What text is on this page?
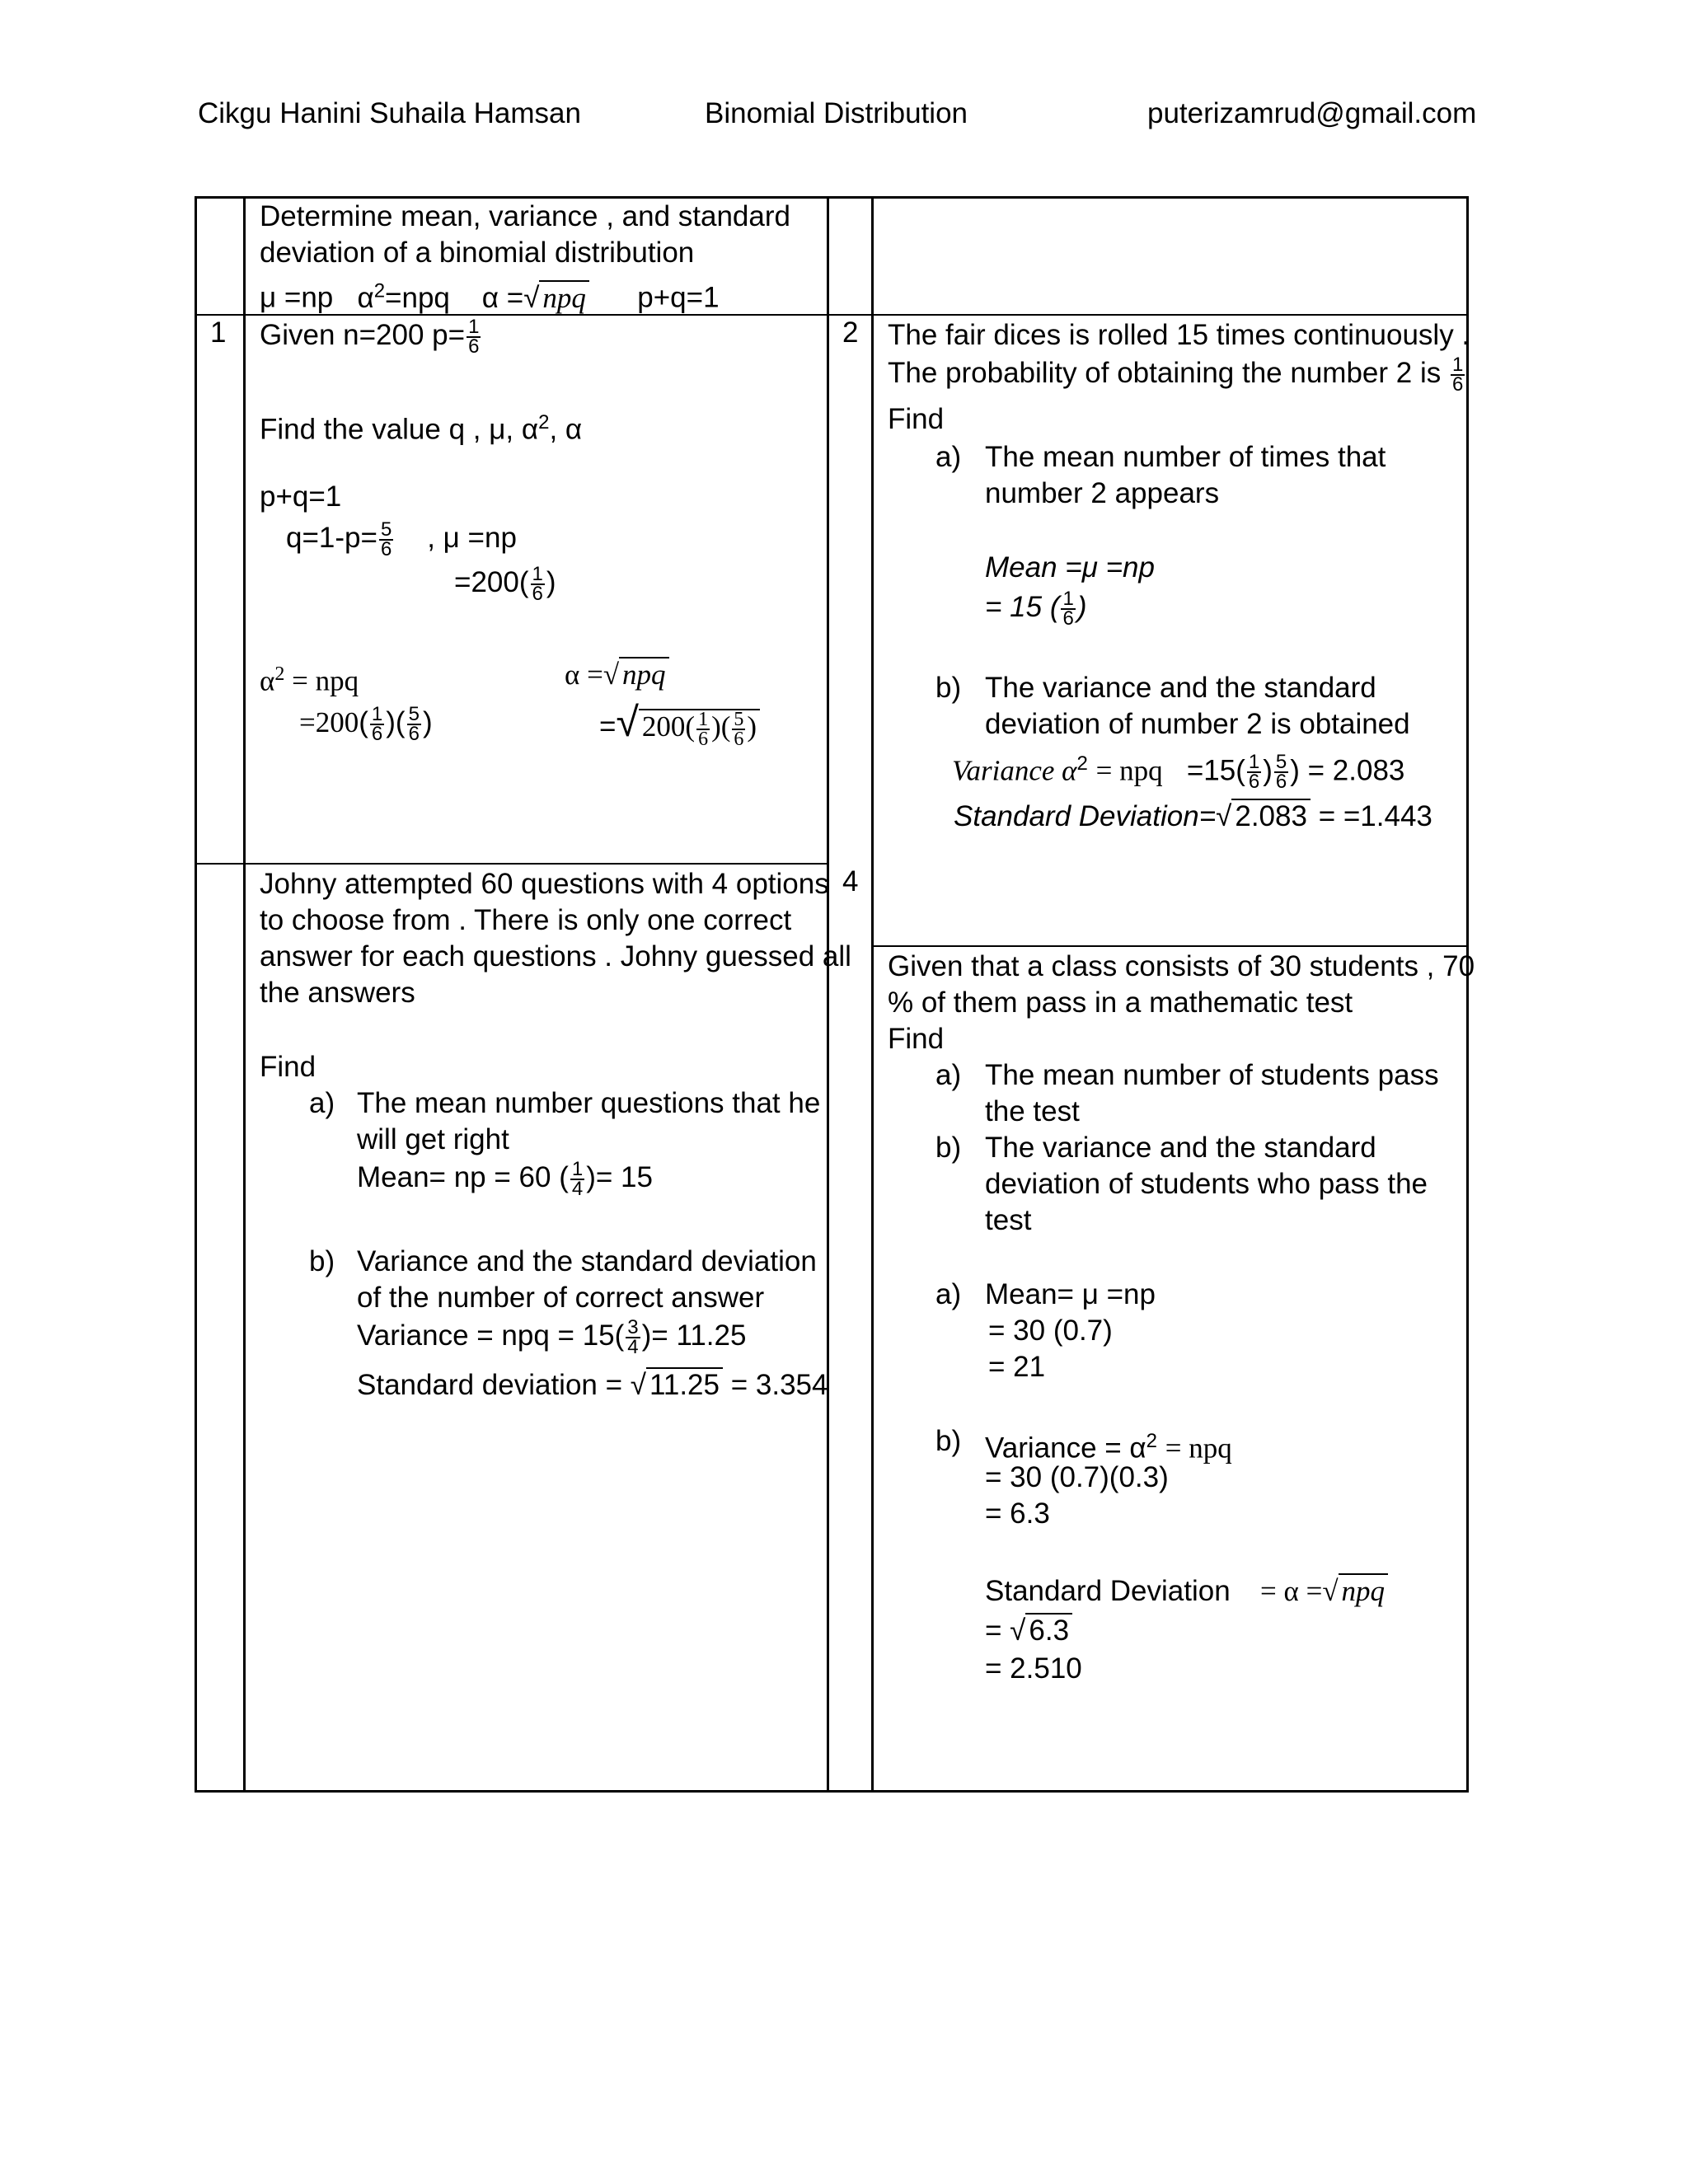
Cikgu Hanini Suhaila Hamsan	Binomial Distribution	puterizamrud@gmail.com
Determine mean, variance , and standard
deviation of a binomial distribution
μ =np $\alpha^2=npq$ α =√ npq p+q=1
1 Given n=200 $p= \frac{1}{6}$
Find the value q , μ, $\alpha^2$, α
p+q=1
$q=1-p= \frac{5}{6}$ , μ =np
$=200( \frac{1}{6}$ )
$\alpha^2$ = npq	α =√ npq
$=200( \frac{1}{6}$ )( $\frac{5}{6}$ )	=√ $200( \frac{1}{6}$ )( $\frac{5}{6}$ )
2 The fair dices is rolled 15 times continuously .
The probability of obtaining the number 2 is $\frac{1}{6}$
Find
a) The mean number of times that
number 2 appears
Mean =μ =np
= 15 ( $\frac{1}{6}$ )
b) The variance and the standard
deviation of number 2 is obtained
Variance $\alpha^2$ = npq $=15( \frac{1}{6}$ ) $\frac{5}{6}$ ) = 2.083
Standard Deviation=√ 2.083 = =1.443
Johny attempted 60 questions with 4 options
to choose from . There is only one correct
answer for each questions . Johny guessed all
the answers
Find
a) The mean number questions that he
will get right
Mean= np = 60 ( $\frac{1}{4}$ )= 15
b) Variance and the standard deviation
of the number of correct answer
Variance = npq = $15( \frac{3}{4}$ )= 11.25
Standard deviation = √ 11.25 = 3.354
4
Given that a class consists of 30 students , 70
% of them pass in a mathematic test
Find
a) The mean number of students pass
the test
b) The variance and the standard
deviation of students who pass the
test
a) Mean= μ =np
= 30 (0.7)
= 21
b) Variance = $\alpha^2$ = npq
= 30 (0.7)(0.3)
= 6.3
Standard Deviation = α =√ npq
= √ 6.3
= 2.510
